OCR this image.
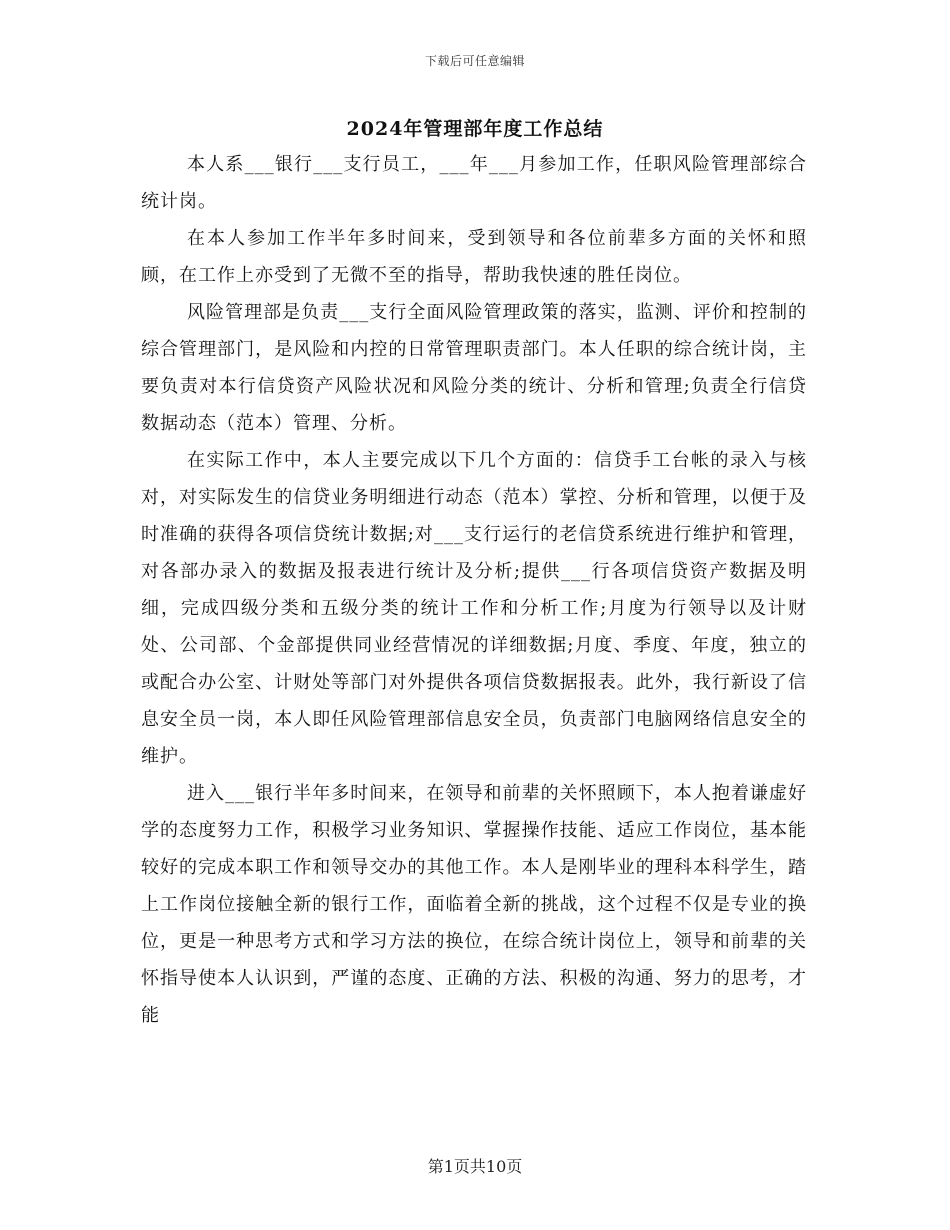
下载后可任意编辑
2024年管理部年度工作总结

本人系___银行___支行员工，___年___月参加工作，任职风险管理部综合统计岗。

在本人参加工作半年多时间来，受到领导和各位前辈多方面的关怀和照顾，在工作上亦受到了无微不至的指导，帮助我快速的胜任岗位。

风险管理部是负责___支行全面风险管理政策的落实，监测、评价和控制的综合管理部门，是风险和内控的日常管理职责部门。本人任职的综合统计岗，主要负责对本行信贷资产风险状况和风险分类的统计、分析和管理;负责全行信贷数据动态（范本）管理、分析。

在实际工作中，本人主要完成以下几个方面的：信贷手工台帐的录入与核对，对实际发生的信贷业务明细进行动态（范本）掌控、分析和管理，以便于及时准确的获得各项信贷统计数据;对___支行运行的老信贷系统进行维护和管理，对各部办录入的数据及报表进行统计及分析;提供___行各项信贷资产数据及明细，完成四级分类和五级分类的统计工作和分析工作;月度为行领导以及计财处、公司部、个金部提供同业经营情况的详细数据;月度、季度、年度，独立的或配合办公室、计财处等部门对外提供各项信贷数据报表。此外，我行新设了信息安全员一岗，本人即任风险管理部信息安全员，负责部门电脑网络信息安全的维护。

进入___银行半年多时间来，在领导和前辈的关怀照顾下，本人抱着谦虚好学的态度努力工作，积极学习业务知识、掌握操作技能、适应工作岗位，基本能较好的完成本职工作和领导交办的其他工作。本人是刚毕业的理科本科学生，踏上工作岗位接触全新的银行工作，面临着全新的挑战，这个过程不仅是专业的换位，更是一种思考方式和学习方法的换位，在综合统计岗位上，领导和前辈的关怀指导使本人认识到，严谨的态度、正确的方法、积极的沟通、努力的思考，才能

第1页共10页
